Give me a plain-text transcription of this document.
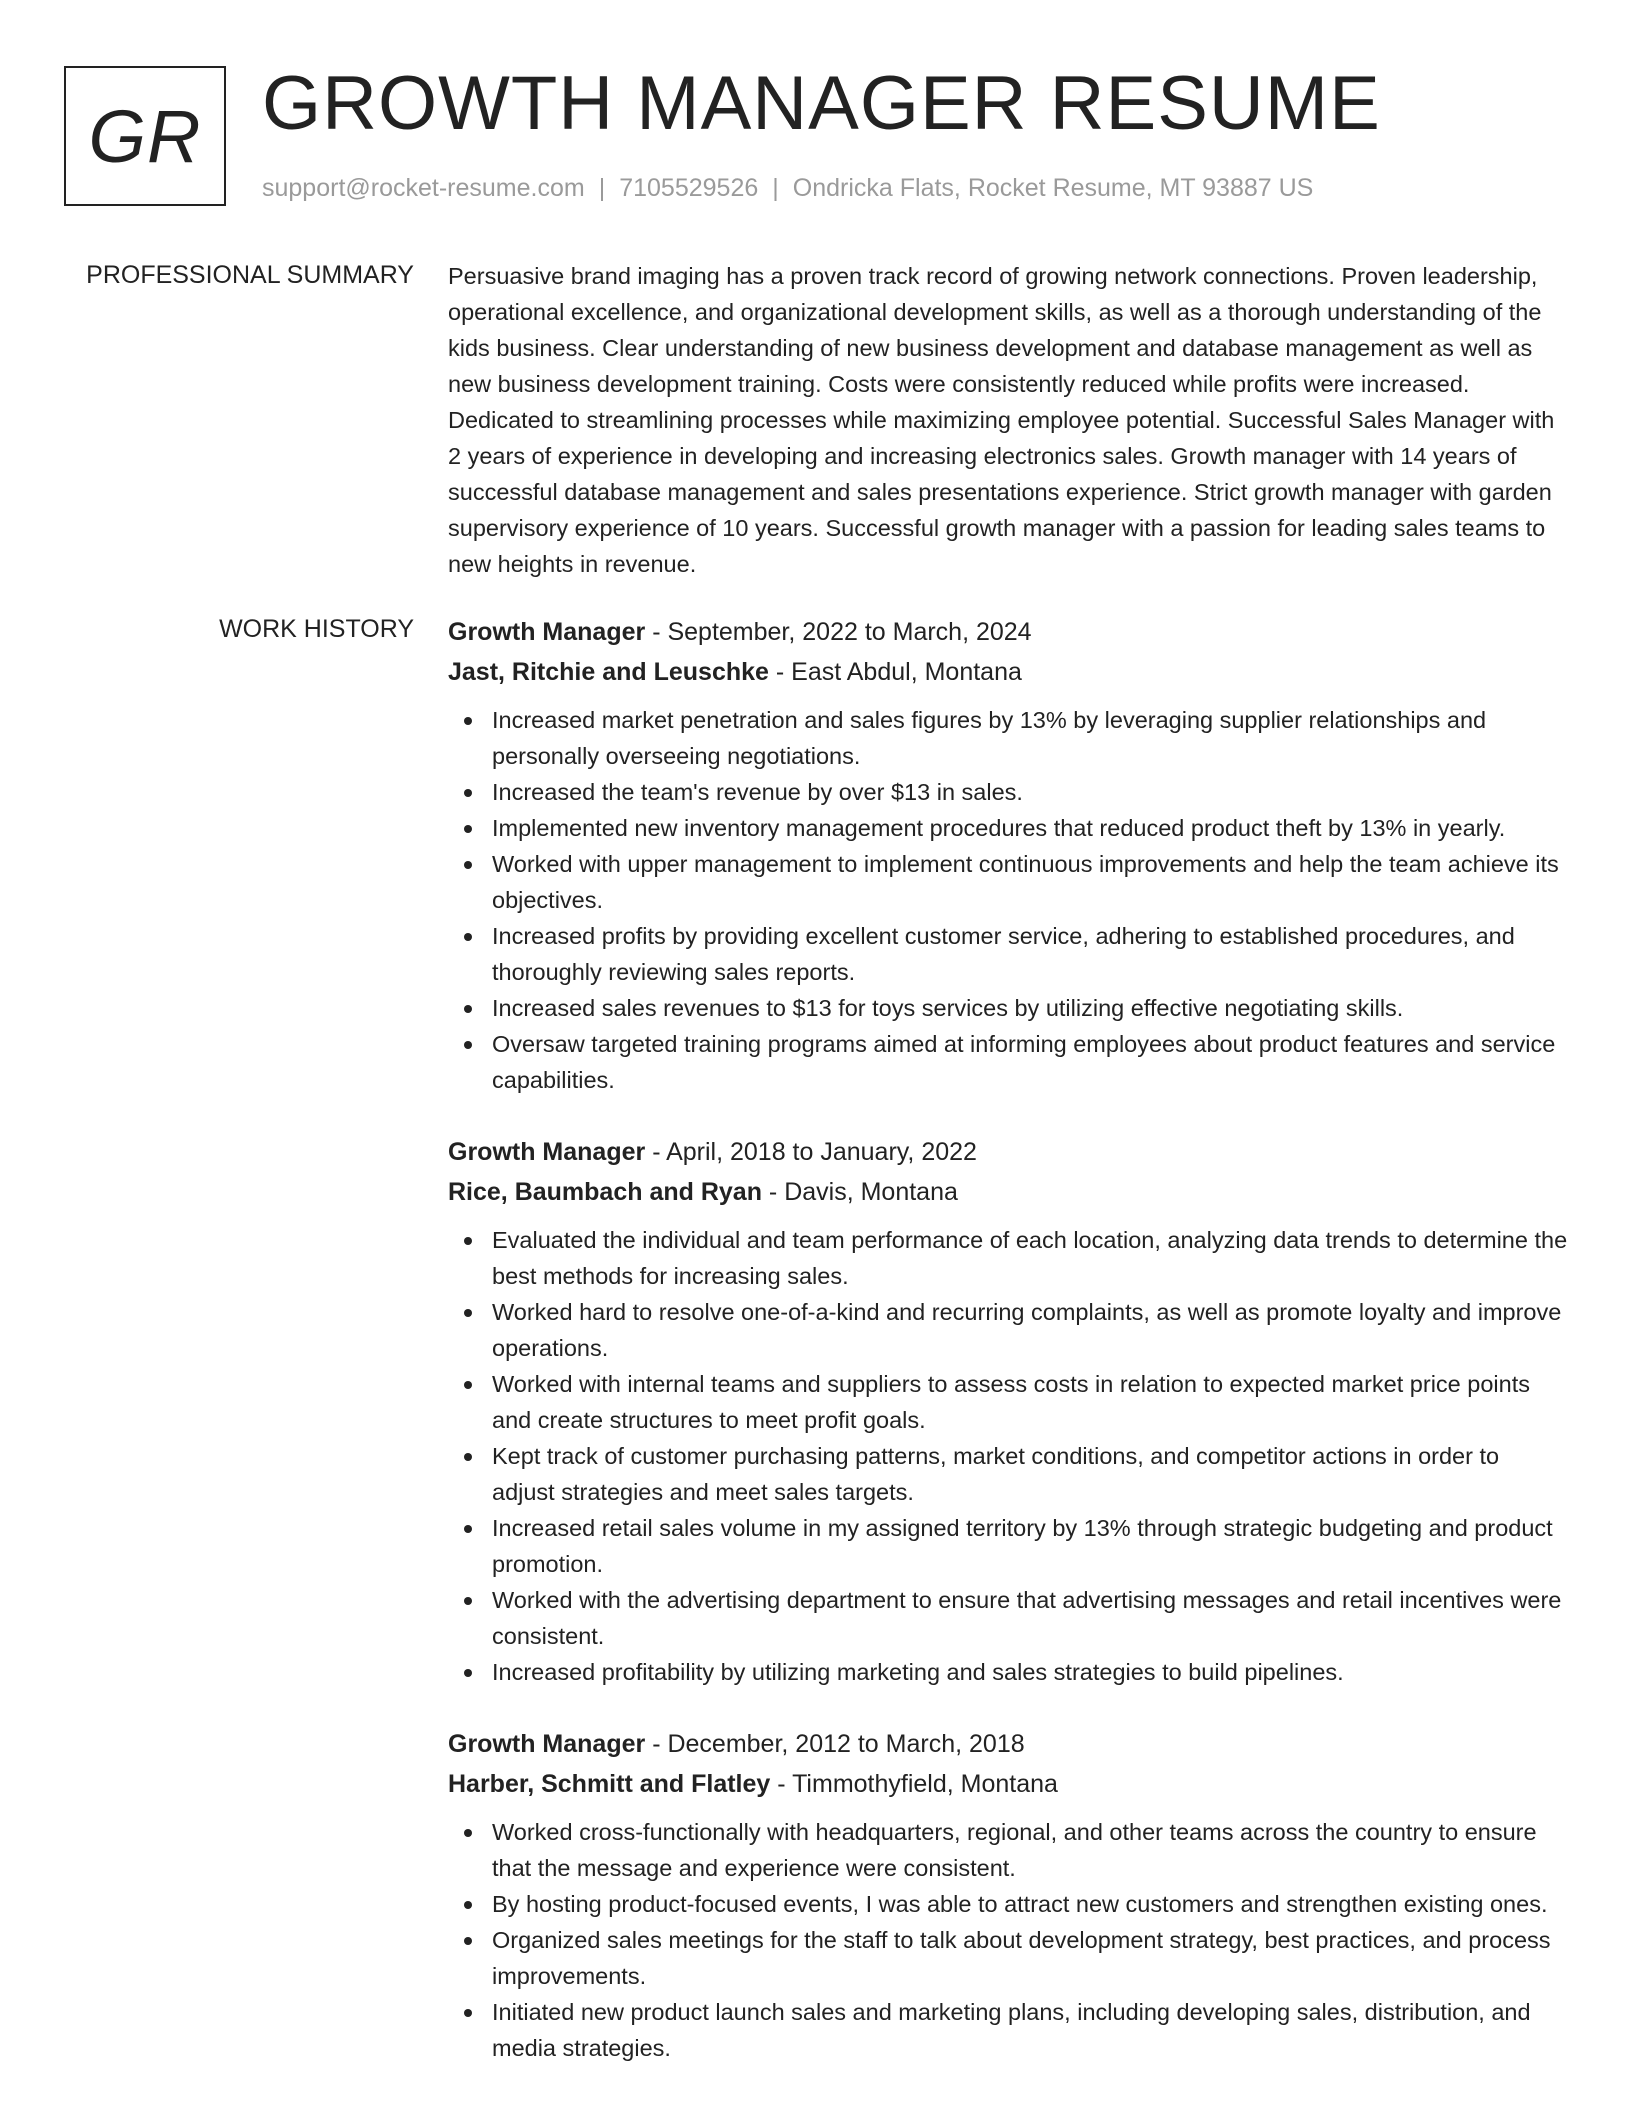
GR GROWTH MANAGER RESUME
support@rocket-resume.com | 7105529526 | Ondricka Flats, Rocket Resume, MT 93887 US
PROFESSIONAL SUMMARY Persuasive brand imaging has a proven track record of growing network connections. Proven leadership, operational excellence, and organizational development skills, as well as a thorough understanding of the kids business. Clear understanding of new business development and database management as well as new business development training. Costs were consistently reduced while profits were increased. Dedicated to streamlining processes while maximizing employee potential. Successful Sales Manager with 2 years of experience in developing and increasing electronics sales. Growth manager with 14 years of successful database management and sales presentations experience. Strict growth manager with garden supervisory experience of 10 years. Successful growth manager with a passion for leading sales teams to new heights in revenue.

WORK HISTORY Growth Manager - September, 2022 to March, 2024
Jast, Ritchie and Leuschke - East Abdul, Montana
Increased market penetration and sales figures by 13% by leveraging supplier relationships and personally overseeing negotiations.
Increased the team's revenue by over $13 in sales.
Implemented new inventory management procedures that reduced product theft by 13% in yearly.
Worked with upper management to implement continuous improvements and help the team achieve its objectives.
Increased profits by providing excellent customer service, adhering to established procedures, and thoroughly reviewing sales reports.
Increased sales revenues to $13 for toys services by utilizing effective negotiating skills.
Oversaw targeted training programs aimed at informing employees about product features and service capabilities.
Growth Manager - April, 2018 to January, 2022
Rice, Baumbach and Ryan - Davis, Montana
Evaluated the individual and team performance of each location, analyzing data trends to determine the best methods for increasing sales.
Worked hard to resolve one-of-a-kind and recurring complaints, as well as promote loyalty and improve operations.
Worked with internal teams and suppliers to assess costs in relation to expected market price points and create structures to meet profit goals.
Kept track of customer purchasing patterns, market conditions, and competitor actions in order to adjust strategies and meet sales targets.
Increased retail sales volume in my assigned territory by 13% through strategic budgeting and product promotion.
Worked with the advertising department to ensure that advertising messages and retail incentives were consistent.
Increased profitability by utilizing marketing and sales strategies to build pipelines.
Growth Manager - December, 2012 to March, 2018
Harber, Schmitt and Flatley - Timmothyfield, Montana
Worked cross-functionally with headquarters, regional, and other teams across the country to ensure that the message and experience were consistent.
By hosting product-focused events, I was able to attract new customers and strengthen existing ones.
Organized sales meetings for the staff to talk about development strategy, best practices, and process improvements.
Initiated new product launch sales and marketing plans, including developing sales, distribution, and media strategies.
